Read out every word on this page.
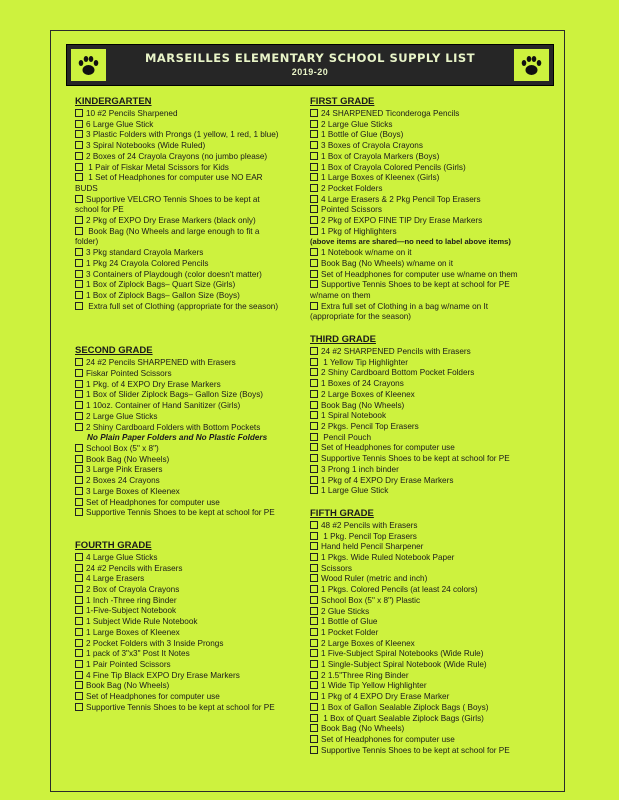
MARSEILLES ELEMENTARY SCHOOL SUPPLY LIST
2019-20
KINDERGARTEN
10 #2 Pencils Sharpened
6 Large Glue Stick
3 Plastic Folders with Prongs (1 yellow, 1 red, 1 blue)
3 Spiral Notebooks (Wide Ruled)
2 Boxes of 24 Crayola Crayons (no jumbo please)
1 Pair of Fiskar Metal Scissors for Kids
1 Set of Headphones for computer use NO EAR
BUDS
Supportive VELCRO Tennis Shoes to be kept at
school for PE
2 Pkg of EXPO Dry Erase Markers (black only)
Book Bag (No Wheels and large enough to fit a
folder)
3 Pkg standard Crayola Markers
1 Pkg 24 Crayola Colored Pencils
3 Containers of Playdough (color doesn't matter)
1 Box of Ziplock Bags– Quart Size (Girls)
1 Box of Ziplock Bags– Gallon Size (Boys)
Extra full set of Clothing (appropriate for the season)
SECOND GRADE
24 #2 Pencils SHARPENED with Erasers
Fiskar Pointed Scissors
1 Pkg. of 4 EXPO Dry Erase Markers
1 Box of Slider Ziplock Bags– Gallon Size (Boys)
1 10oz. Container of Hand Sanitizer (Girls)
2 Large Glue Sticks
2 Shiny Cardboard Folders with Bottom Pockets
No Plain Paper Folders and No Plastic Folders
School Box (5" x 8")
Book Bag (No Wheels)
3 Large Pink Erasers
2 Boxes 24 Crayons
3 Large Boxes of Kleenex
Set of Headphones for computer use
Supportive Tennis Shoes to be kept at school for PE
FOURTH GRADE
4 Large Glue Sticks
24 #2 Pencils with Erasers
4 Large Erasers
2 Box of Crayola Crayons
1 Inch -Three ring Binder
1-Five-Subject Notebook
1 Subject Wide Rule Notebook
1 Large Boxes of Kleenex
2 Pocket Folders with 3 Inside Prongs
1 pack of 3"x3" Post It Notes
1 Pair Pointed Scissors
4 Fine Tip Black EXPO Dry Erase Markers
Book Bag (No Wheels)
Set of Headphones for computer use
Supportive Tennis Shoes to be kept at school for PE
FIRST GRADE
24 SHARPENED Ticonderoga Pencils
2 Large Glue Sticks
1 Bottle of Glue (Boys)
3 Boxes of Crayola Crayons
1 Box of Crayola Markers (Boys)
1 Box of Crayola Colored Pencils (Girls)
1 Large Boxes of Kleenex (Girls)
2 Pocket Folders
4 Large Erasers & 2 Pkg Pencil Top Erasers
Pointed Scissors
2 Pkg of EXPO FINE TIP Dry Erase Markers
1 Pkg of Highlighters
(above items are shared—no need to label above items)
1 Notebook w/name on it
Book Bag (No Wheels) w/name on it
Set of Headphones for computer use w/name on them
Supportive Tennis Shoes to be kept at school for PE
w/name on them
Extra full set of Clothing in a bag w/name on It
(appropriate for the season)
THIRD GRADE
24 #2 SHARPENED Pencils with Erasers
1 Yellow Tip Highlighter
2 Shiny Cardboard Bottom Pocket Folders
1 Boxes of 24 Crayons
2 Large Boxes of Kleenex
Book Bag (No Wheels)
1 Spiral Notebook
2 Pkgs. Pencil Top Erasers
Pencil Pouch
Set of Headphones for computer use
Supportive Tennis Shoes to be kept at school for PE
3 Prong 1 inch binder
1 Pkg of 4 EXPO Dry Erase Markers
1 Large Glue Stick
FIFTH GRADE
48 #2 Pencils with Erasers
1 Pkg. Pencil Top Erasers
Hand held Pencil Sharpener
1 Pkgs. Wide Ruled Notebook Paper
Scissors
Wood Ruler (metric and inch)
1 Pkgs. Colored Pencils (at least 24 colors)
School Box (5" x 8") Plastic
2 Glue Sticks
1 Bottle of Glue
1 Pocket Folder
2 Large Boxes of Kleenex
1 Five-Subject Spiral Notebooks (Wide Rule)
1 Single-Subject Spiral Notebook (Wide Rule)
2 1.5"Three Ring Binder
1 Wide Tip Yellow Highlighter
1 Pkg of 4 EXPO Dry Erase Marker
1 Box of Gallon Sealable Ziplock Bags ( Boys)
1 Box of Quart Sealable Ziplock Bags (Girls)
Book Bag (No Wheels)
Set of Headphones for computer use
Supportive Tennis Shoes to be kept at school for PE
